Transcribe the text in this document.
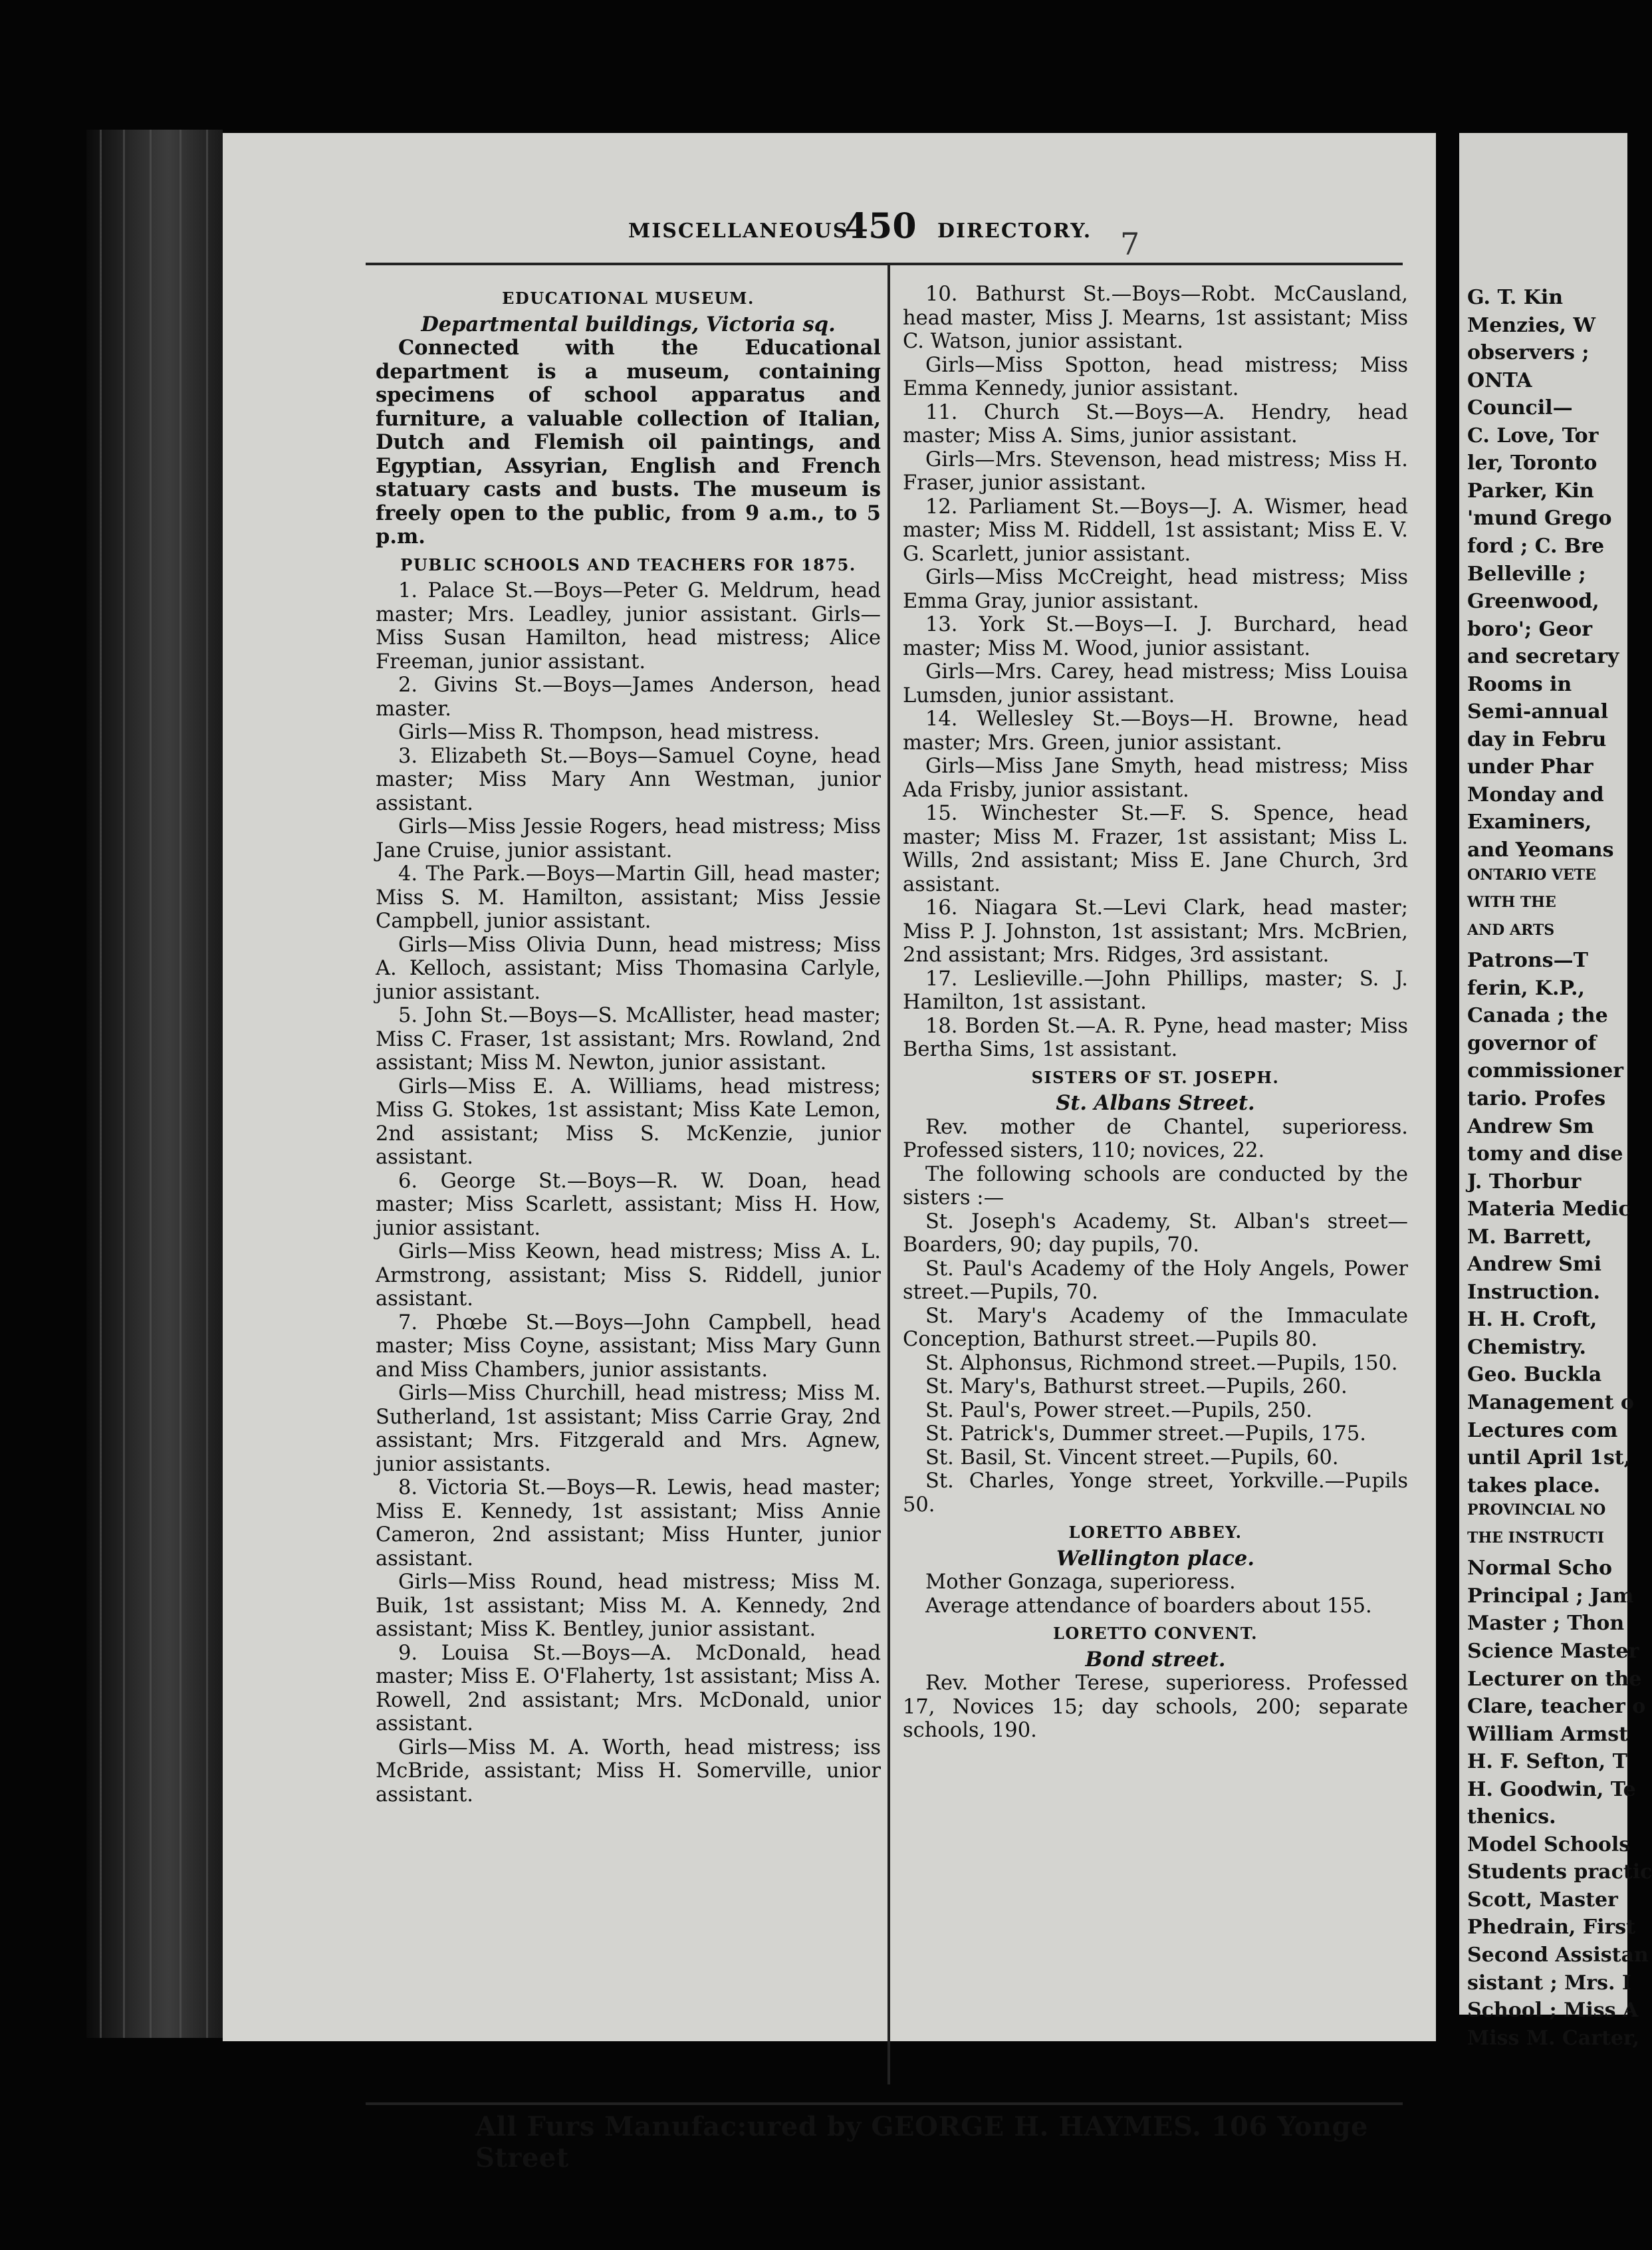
MISCELLANEOUS
450 DIRECTORY. 7

EDUCATIONAL MUSEUM.

Departmental buildings, Victoria sq.

Connected with the Educational department is a museum, containing specimens of school apparatus and furniture, a valuable collection of Italian, Dutch and Flemish oil paintings, and Egyptian, Assyrian, English and French statuary casts and busts. The museum is freely open to the public, from 9 a.m., to 5 p.m.

PUBLIC SCHOOLS AND TEACHERS FOR 1875.

1. Palace St.—Boys—Peter G. Meldrum, head master; Mrs. Leadley, junior assistant. Girls—Miss Susan Hamilton, head mistress; Alice Freeman, junior assistant.

2. Givins St.—Boys—James Anderson, head master.

Girls—Miss R. Thompson, head mistress.

3. Elizabeth St.—Boys—Samuel Coyne, head master; Miss Mary Ann Westman, junior assistant.

Girls—Miss Jessie Rogers, head mistress; Miss Jane Cruise, junior assistant.

4. The Park.—Boys—Martin Gill, head master; Miss S. M. Hamilton, assistant; Miss Jessie Campbell, junior assistant.

Girls—Miss Olivia Dunn, head mistress; Miss A. Kelloch, assistant; Miss Thomasina Carlyle, junior assistant.

5. John St.—Boys—S. McAllister, head master; Miss C. Fraser, 1st assistant; Mrs. Rowland, 2nd assistant; Miss M. Newton, junior assistant.

Girls—Miss E. A. Williams, head mistress; Miss G. Stokes, 1st assistant; Miss Kate Lemon, 2nd assistant; Miss S. McKenzie, junior assistant.

6. George St.—Boys—R. W. Doan, head master; Miss Scarlett, assistant; Miss H. How, junior assistant.

Girls—Miss Keown, head mistress; Miss A. L. Armstrong, assistant; Miss S. Riddell, junior assistant.

7. Phœbe St.—Boys—John Campbell, head master; Miss Coyne, assistant; Miss Mary Gunn and Miss Chambers, junior assistants.

Girls—Miss Churchill, head mistress; Miss M. Sutherland, 1st assistant; Miss Carrie Gray, 2nd assistant; Mrs. Fitzgerald and Mrs. Agnew, junior assistants.

8. Victoria St.—Boys—R. Lewis, head master; Miss E. Kennedy, 1st assistant; Miss Annie Cameron, 2nd assistant; Miss Hunter, junior assistant.

Girls—Miss Round, head mistress; Miss M. Buik, 1st assistant; Miss M. A. Kennedy, 2nd assistant; Miss K. Bentley, junior assistant.

9. Louisa St.—Boys—A. McDonald, head master; Miss E. O'Flaherty, 1st assistant; Miss A. Rowell, 2nd assistant; Mrs. McDonald, unior assistant.

Girls—Miss M. A. Worth, head mistress; iss McBride, assistant; Miss H. Somerville, unior assistant.

10. Bathurst St.—Boys—Robt. McCausland, head master, Miss J. Mearns, 1st assistant; Miss C. Watson, junior assistant.

Girls—Miss Spotton, head mistress; Miss Emma Kennedy, junior assistant.

11. Church St.—Boys—A. Hendry, head master; Miss A. Sims, junior assistant.

Girls—Mrs. Stevenson, head mistress; Miss H. Fraser, junior assistant.

12. Parliament St.—Boys—J. A. Wismer, head master; Miss M. Riddell, 1st assistant; Miss E. V. G. Scarlett, junior assistant.

Girls—Miss McCreight, head mistress; Miss Emma Gray, junior assistant.

13. York St.—Boys—I. J. Burchard, head master; Miss M. Wood, junior assistant.

Girls—Mrs. Carey, head mistress; Miss Louisa Lumsden, junior assistant.

14. Wellesley St.—Boys—H. Browne, head master; Mrs. Green, junior assistant.

Girls—Miss Jane Smyth, head mistress; Miss Ada Frisby, junior assistant.

15. Winchester St.—F. S. Spence, head master; Miss M. Frazer, 1st assistant; Miss L. Wills, 2nd assistant; Miss E. Jane Church, 3rd assistant.

16. Niagara St.—Levi Clark, head master; Miss P. J. Johnston, 1st assistant; Mrs. McBrien, 2nd assistant; Mrs. Ridges, 3rd assistant.

17. Leslieville.—John Phillips, master; S. J. Hamilton, 1st assistant.

18. Borden St.—A. R. Pyne, head master; Miss Bertha Sims, 1st assistant.

SISTERS OF ST. JOSEPH.

St. Albans Street.

Rev. mother de Chantel, superioress. Professed sisters, 110; novices, 22.

The following schools are conducted by the sisters :—

St. Joseph's Academy, St. Alban's street—Boarders, 90; day pupils, 70.

St. Paul's Academy of the Holy Angels, Power street.—Pupils, 70.

St. Mary's Academy of the Immaculate Conception, Bathurst street.—Pupils 80.

St. Alphonsus, Richmond street.—Pupils, 150.

St. Mary's, Bathurst street.—Pupils, 260.

St. Paul's, Power street.—Pupils, 250.

St. Patrick's, Dummer street.—Pupils, 175.

St. Basil, St. Vincent street.—Pupils, 60.

St. Charles, Yonge street, Yorkville.—Pupils 50.

LORETTO ABBEY.

Wellington place.

Mother Gonzaga, superioress.

Average attendance of boarders about 155.

LORETTO CONVENT.

Bond street.

Rev. Mother Terese, superioress. Professed 17, Novices 15; day schools, 200; separate schools, 190.

All Furs Manufac:ured by GEORGE H. HAYMES. 106 Yonge Street
G. T. Kin
Menzies, W
observers ;
ONTA
Council—
C. Love, Tor
ler, Toronto
Parker, Kin
'mund Grego
ford ; C. Bre
Belleville ;
Greenwood,
boro'; Geor
and secretary
Rooms in
Semi-annual
day in Febru
under Phar
Monday and
Examiners,
and Yeomans
ONTARIO VETE
WITH THE
AND ARTS
Patrons—T
ferin, K.P.,
Canada ; the
governor of
commissioner
tario. Profes
Andrew Sm
tomy and dise
J. Thorbur
Materia Medic
M. Barrett,
Andrew Smi
Instruction.
H. H. Croft,
Chemistry.
Geo. Buckla
Management o
Lectures com
until April 1st,
takes place.
PROVINCIAL NO
THE INSTRUCTI
Normal Scho
Principal ; Jam
Master ; Thon
Science Master
Lecturer on the
Clare, teacher o
William Armst
H. F. Sefton, T
H. Goodwin, Te
thenics.
Model Schools
Students practic
Scott, Master
Phedrain, First
Second Assistan
sistant ; Mrs. I
School ; Miss A
Miss M. Carter,
